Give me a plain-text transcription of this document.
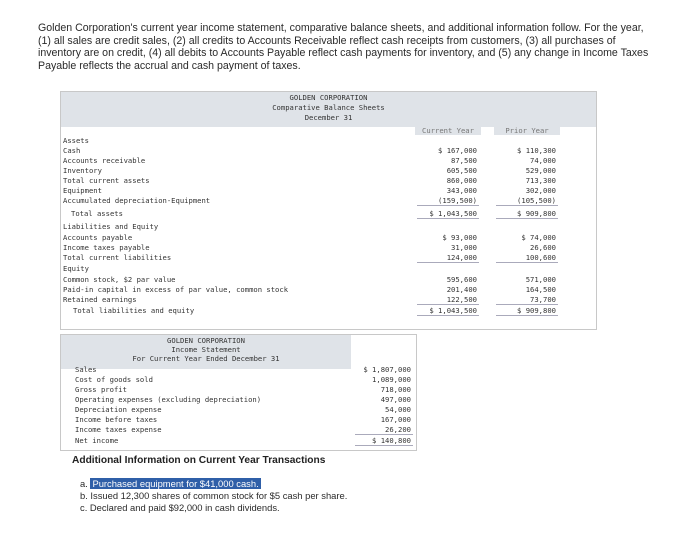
Golden Corporation's current year income statement, comparative balance sheets, and additional information follow. For the year, (1) all sales are credit sales, (2) all credits to Accounts Receivable reflect cash receipts from customers, (3) all purchases of inventory are on credit, (4) all debits to Accounts Payable reflect cash payments for inventory, and (5) any change in Income Taxes Payable reflects the accrual and cash payment of taxes.
GOLDEN CORPORATION
Comparative Balance Sheets
December 31
Current Year	Prior Year
Assets
Cash	$ 167,000	$ 110,300
Accounts receivable	87,500	74,000
Inventory	605,500	529,000
Total current assets	860,000	713,300
Equipment	343,000	302,000
Accumulated depreciation-Equipment	(159,500)	(105,500)
Total assets	$ 1,043,500	$ 909,800
Liabilities and Equity
Accounts payable	$ 93,000	$ 74,000
Income taxes payable	31,000	26,600
Total current liabilities	124,000	100,600
Equity
Common stock, $2 par value	595,600	571,000
Paid-in capital in excess of par value, common stock	201,400	164,500
Retained earnings	122,500	73,700
Total liabilities and equity	$ 1,043,500	$ 909,800
GOLDEN CORPORATION
Income Statement
For Current Year Ended December 31
Sales	$ 1,807,000
Cost of goods sold	1,089,000
Gross profit	718,000
Operating expenses (excluding depreciation)	497,000
Depreciation expense	54,000
Income before taxes	167,000
Income taxes expense	26,200
Net income	$ 140,800
Additional Information on Current Year Transactions
a. Purchased equipment for $41,000 cash.
b. Issued 12,300 shares of common stock for $5 cash per share.
c. Declared and paid $92,000 in cash dividends.
